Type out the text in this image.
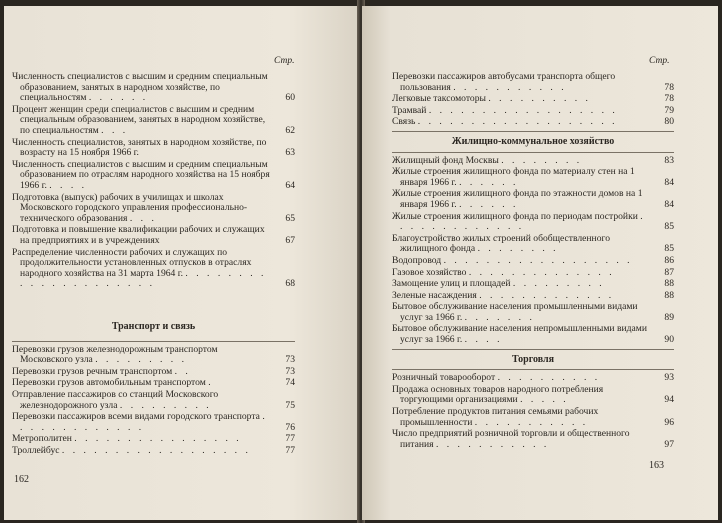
Стр.
Численность специалистов с высшим и средним специальным образованием, занятых в народном хозяйстве, по специальностям . . . . . .	60
Процент женщин среди специалистов с высшим и средним специальным образованием, занятых в народном хозяйстве, по специальностям . . .	62
Численность специалистов, занятых в народном хозяйстве, по возрасту на 15 ноября 1966 г.	63
Численность специалистов с высшим и средним специальным образованием по отраслям народного хозяйства на 15 ноября 1966 г. . . . .	64
Подготовка (выпуск) рабочих в училищах и школах Московского городского управления профессионально-технического образования . . .	65
Подготовка и повышение квалификации рабочих и служащих на предприятиях и в учреждениях	67
Распределение численности рабочих и служащих по продолжительности установленных отпусков в отраслях народного хозяйства на 31 марта 1964 г. . . . . . . . . . . . . . . . . . . . . .	68
Транспорт и связь
Перевозки грузов железнодорожным транспортом Московского узла . . . . . . . . .	73
Перевозки грузов речным транспортом . .	73
Перевозки грузов автомобильным транспортом .	74
Отправление пассажиров со станций Московского железнодорожного узла . . . . . . . . .	75
Перевозки пассажиров всеми видами городского транспорта . . . . . . . . . . . . .	76
Метрополитен . . . . . . . . . . . . . . . .	77
Троллейбус . . . . . . . . . . . . . . . . . .	77
162
Стр.
Перевозки пассажиров автобусами транспорта общего пользования . . . . . . . . . . .	78
Легковые таксомоторы . . . . . . . . . .	78
Трамвай . . . . . . . . . . . . . . . . . .	79
Связь . . . . . . . . . . . . . . . . . . .	80
Жилищно-коммунальное хозяйство
Жилищный фонд Москвы . . . . . . . .	83
Жилые строения жилищного фонда по материалу стен на 1 января 1966 г. . . . . . .	84
Жилые строения жилищного фонда по этажности домов на 1 января 1966 г. . . . . . .	84
Жилые строения жилищного фонда по периодам постройки . . . . . . . . . . . . .	85
Благоустройство жилых строений обобществленного жилищного фонда . . . . . . . .	85
Водопровод . . . . . . . . . . . . . . . . . .	86
Газовое хозяйство . . . . . . . . . . . . . .	87
Замощение улиц и площадей . . . . . . . . .	88
Зеленые насаждения . . . . . . . . . . . . .	88
Бытовое обслуживание населения промышленными видами услуг за 1966 г. . . . . . . .	89
Бытовое обслуживание населения непромышленными видами услуг за 1966 г. . . . .	90
Торговля
Розничный товарооборот . . . . . . . . . .	93
Продажа основных товаров народного потребления торгующими организациями . . . . .	94
Потребление продуктов питания семьями рабочих промышленности . . . . . . . . . . .	96
Число предприятий розничной торговли и общественного питания . . . . . . . . . . .	97
163
